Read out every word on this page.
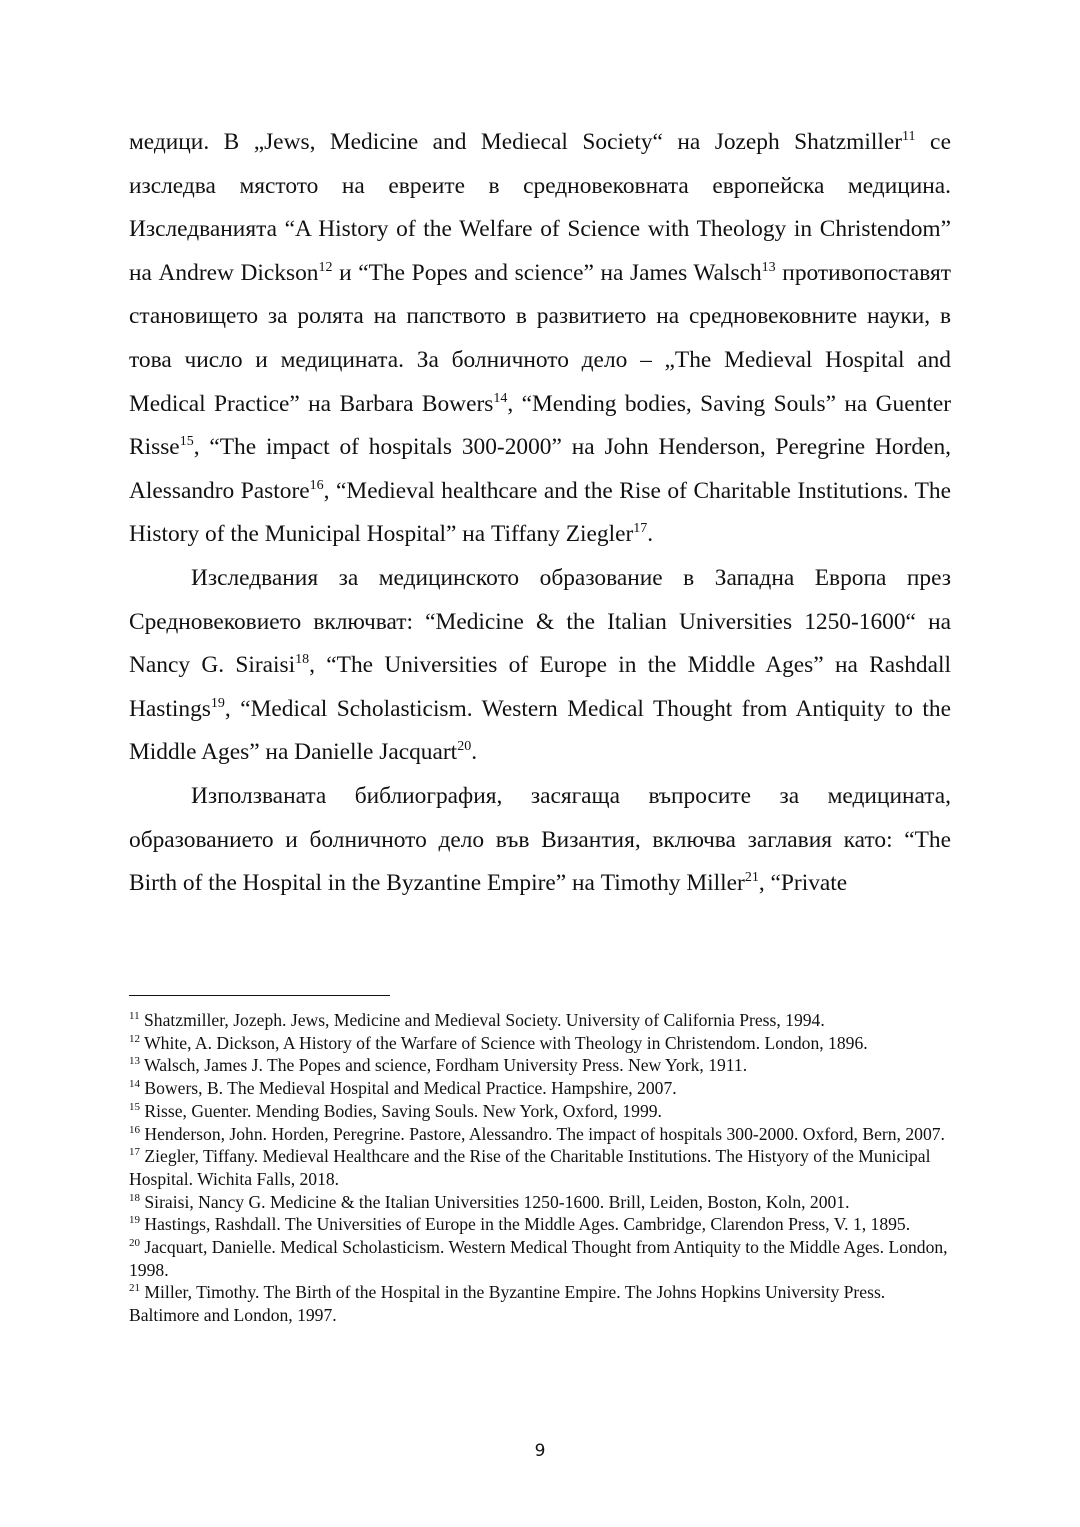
медици. В „Jews, Medicine and Mediecal Society“ на Jozeph Shatzmiller$^{11}$ се изследва мястото на евреите в средновековната европейска медицина. Изследванията “A History of the Welfare of Science with Theology in Christendom” на Andrew Dickson$^{12}$ и “The Popes and science” на James Walsch$^{13}$ противопоставят становището за ролята на папството в развитието на средновековните науки, в това число и медицината. За болничното дело – „The Medieval Hospital and Medical Practice” на Barbara Bowers$^{14}$, “Mending bodies, Saving Souls” на Guenter Risse$^{15}$, “The impact of hospitals 300-2000” на John Henderson, Peregrine Horden, Alessandro Pastore$^{16}$, “Medieval healthcare and the Rise of Charitable Institutions. The History of the Municipal Hospital” на Tiffany Ziegler$^{17}$.

Изследвания за медицинското образование в Западна Европа през Средновековието включват: “Medicine & the Italian Universities 1250-1600“ на Nancy G. Siraisi$^{18}$, “The Universities of Europe in the Middle Ages” на Rashdall Hastings$^{19}$, “Medical Scholasticism. Western Medical Thought from Antiquity to the Middle Ages” на Danielle Jacquart$^{20}$.

Използваната библиография, засягаща въпросите за медицината, образованието и болничното дело във Византия, включва заглавия като: “The Birth of the Hospital in the Byzantine Empire” на Timothy Miller$^{21}$, “Private

$^{11}$ Shatzmiller, Jozeph. Jews, Medicine and Medieval Society. University of California Press, 1994.
$^{12}$ White, A. Dickson, A History of the Warfare of Science with Theology in Christendom. London, 1896.
$^{13}$ Walsch, James J. The Popes and science, Fordham University Press. New York, 1911.
$^{14}$ Bowers, B. The Medieval Hospital and Medical Practice. Hampshire, 2007.
$^{15}$ Risse, Guenter. Mending Bodies, Saving Souls. New York, Oxford, 1999.
$^{16}$ Henderson, John. Horden, Peregrine. Pastore, Alessandro. The impact of hospitals 300-2000. Oxford, Bern, 2007.
$^{17}$ Ziegler, Tiffany. Medieval Healthcare and the Rise of the Charitable Institutions. The Histyory of the Municipal Hospital. Wichita Falls, 2018.
$^{18}$ Siraisi, Nancy G. Medicine & the Italian Universities 1250-1600. Brill, Leiden, Boston, Koln, 2001.
$^{19}$ Hastings, Rashdall. The Universities of Europe in the Middle Ages. Cambridge, Clarendon Press, V. 1, 1895.
$^{20}$ Jacquart, Danielle. Medical Scholasticism. Western Medical Thought from Antiquity to the Middle Ages. London, 1998.
$^{21}$ Miller, Timothy. The Birth of the Hospital in the Byzantine Empire. The Johns Hopkins University Press. Baltimore and London, 1997.
9
